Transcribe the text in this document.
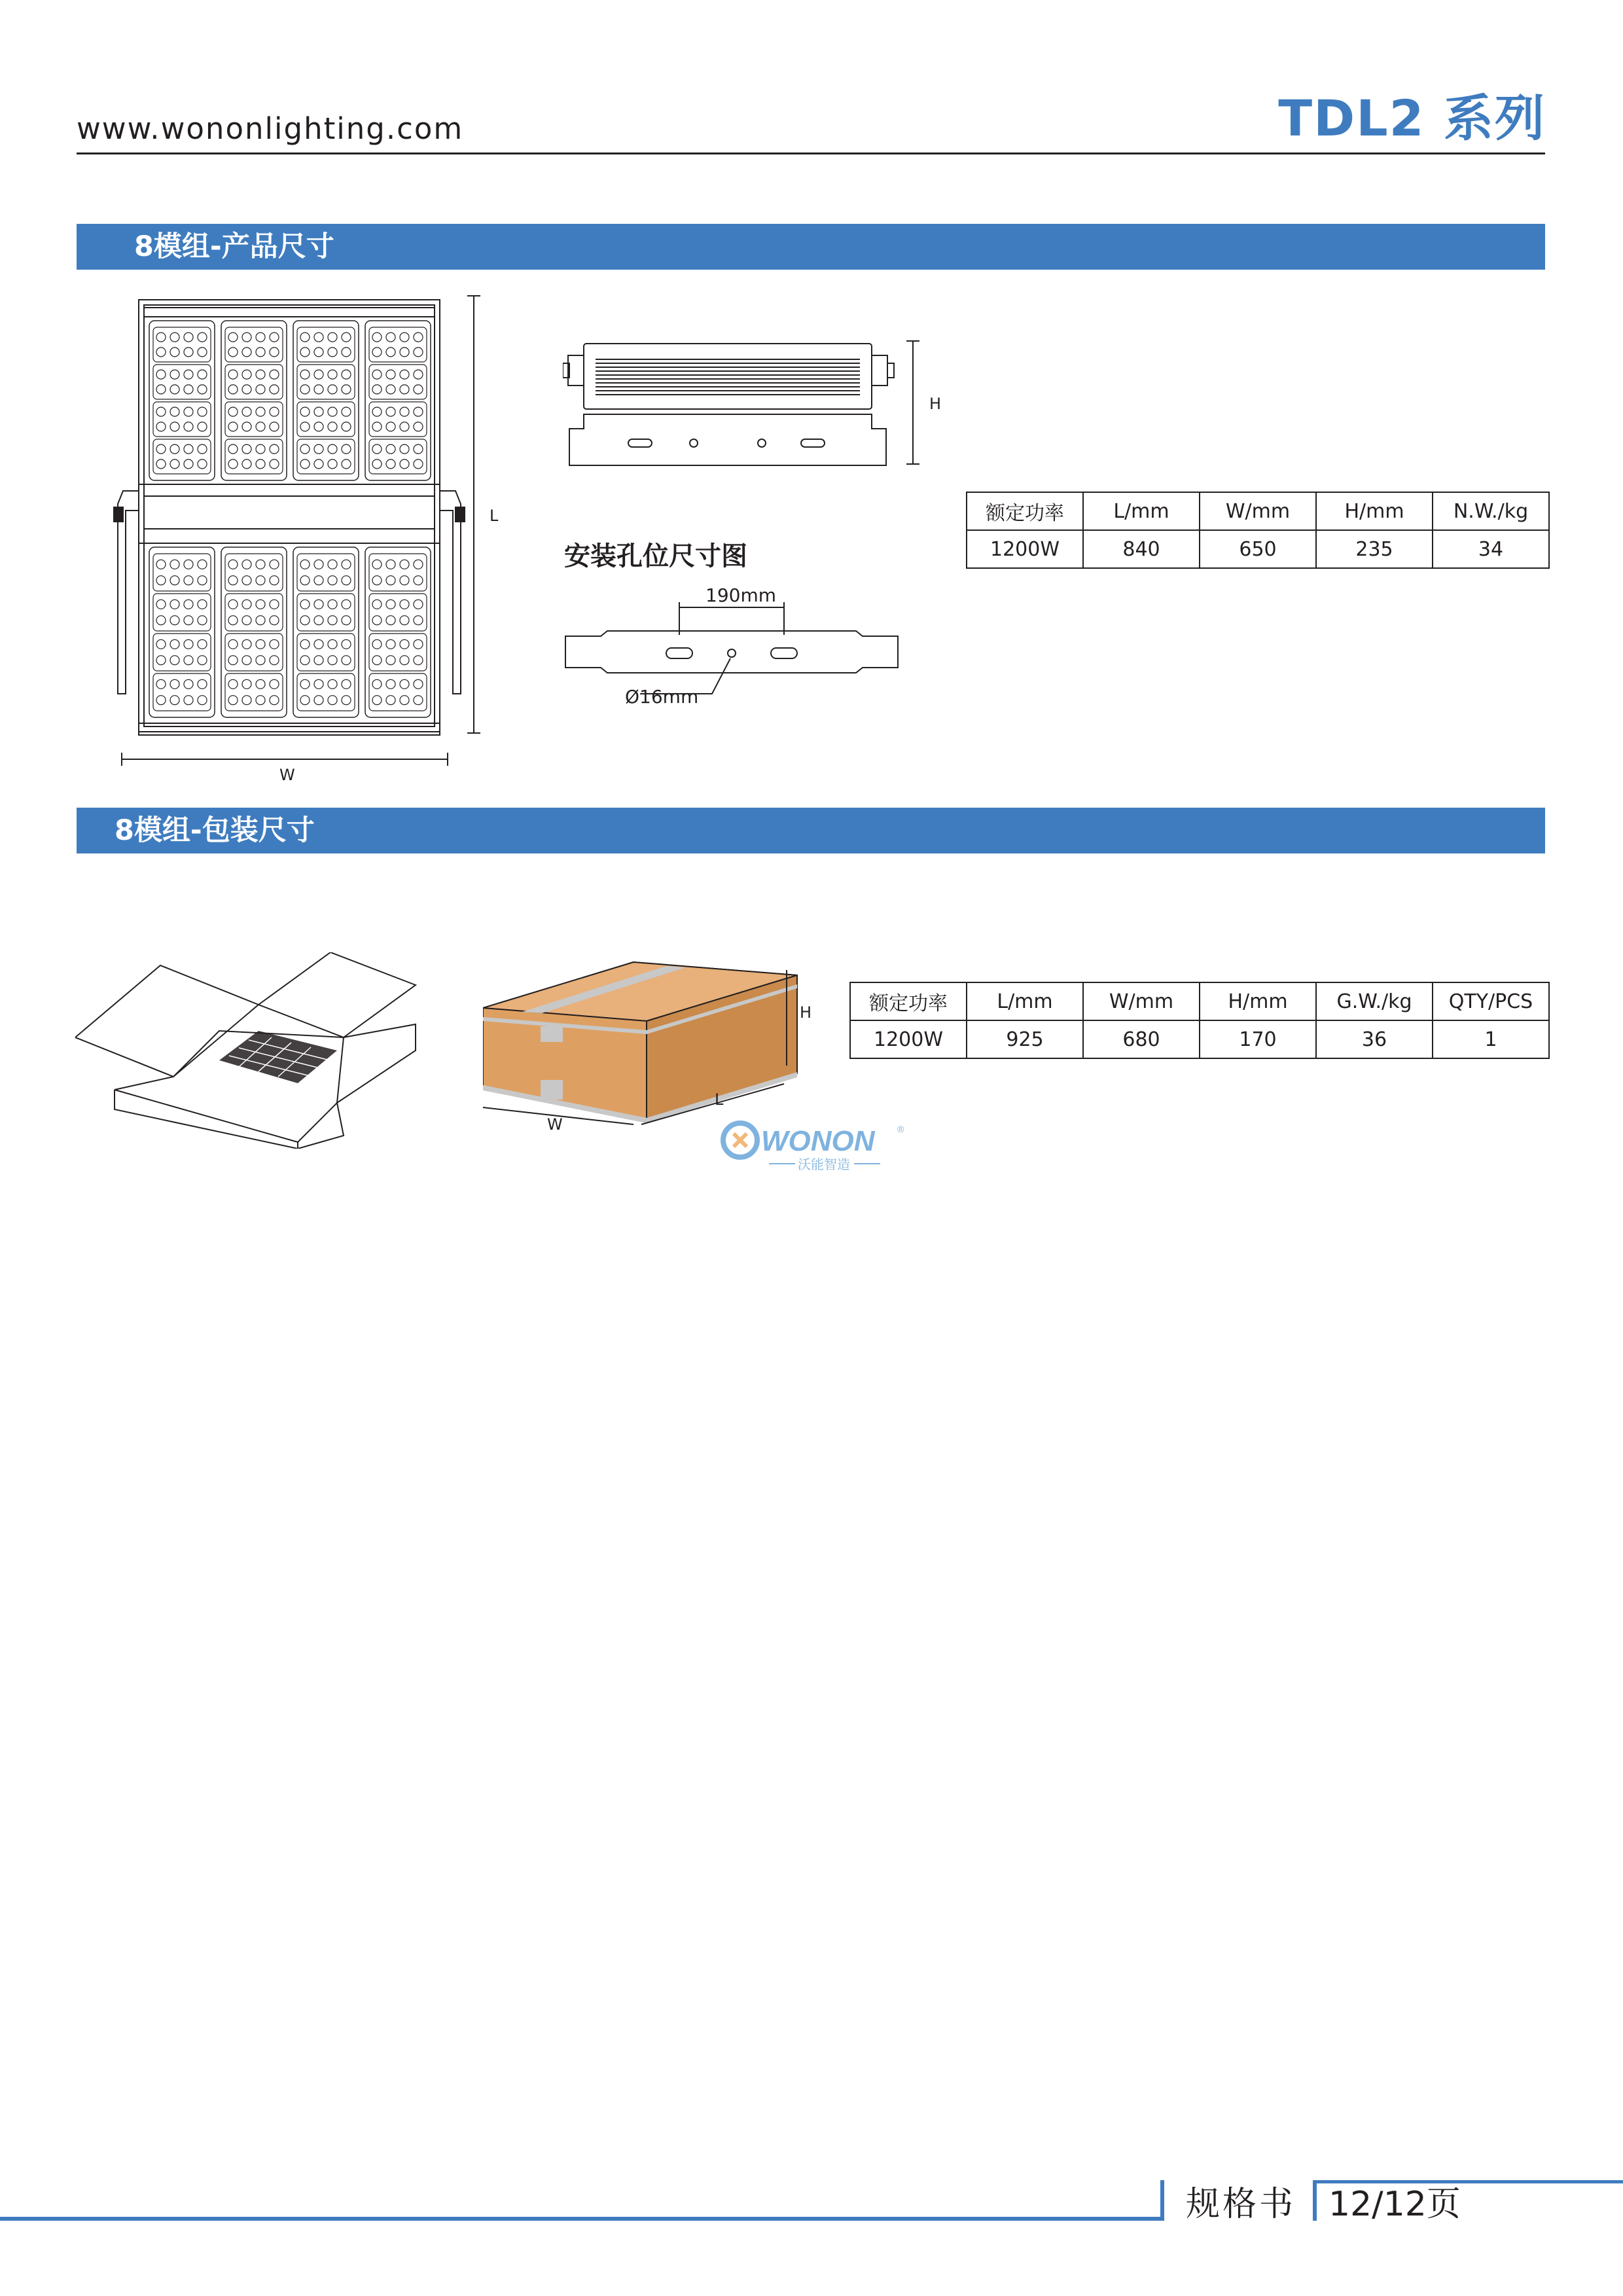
www.wononlighting.com	TDL2 系列
8模组-产品尺寸
L
W
H
安装孔位尺寸图
190mm
Ø16mm
额定功率	L/mm	W/mm	H/mm	N.W./kg
1200W	840	650	235	34
8模组-包装尺寸
H
L
W
额定功率	L/mm	W/mm	H/mm	G.W./kg	QTY/PCS
1200W	925	680	170	36	1
WONON ®
沃能智造
规格书 12/12页
